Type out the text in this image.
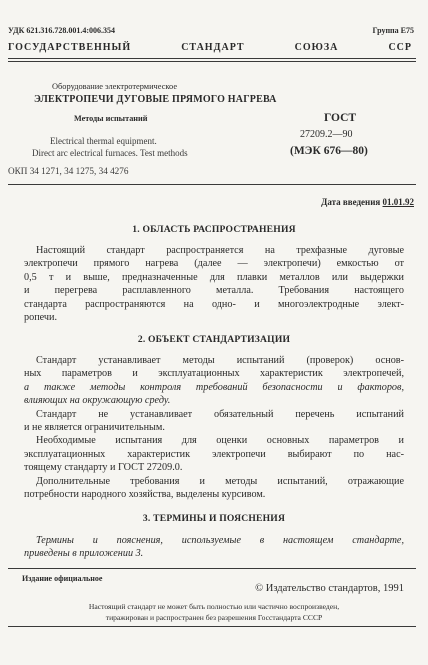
УДК 621.316.728.001.4:006.354	Группа Е75
ГОСУДАРСТВЕННЫЙ СТАНДАРТ СОЮЗА ССР
Оборудование электротермическое
ЭЛЕКТРОПЕЧИ ДУГОВЫЕ ПРЯМОГО НАГРЕВА
Методы испытаний
Electrical thermal equipment.
Direct arc electrical furnaces. Test methods
ГОСТ
27209.2—90
(МЭК 676—80)
ОКП 34 1271, 34 1275, 34 4276
Дата введения 01.01.92
1. ОБЛАСТЬ РАСПРОСТРАНЕНИЯ
Настоящий стандарт распространяется на трехфазные дуговые
электропечи прямого нагрева (далее — электропечи) емкостью от
0,5 т и выше, предназначенные для плавки металлов или выдержки
и перегрева расплавленного металла. Требования настоящего
стандарта распространяются на одно- и многоэлектродные элект-
ропечи.
2. ОБЪЕКТ СТАНДАРТИЗАЦИИ
Стандарт устанавливает методы испытаний (проверок) основ-
ных параметров и эксплуатационных характеристик электропечей,
а также методы контроля требований безопасности и факторов,
влияющих на окружающую среду.
Стандарт не устанавливает обязательный перечень испытаний
и не является ограничительным.
Необходимые испытания для оценки основных параметров и
эксплуатационных характеристик электропечи выбирают по нас-
тоящему стандарту и ГОСТ 27209.0.
Дополнительные требования и методы испытаний, отражающие
потребности народного хозяйства, выделены курсивом.
3. ТЕРМИНЫ И ПОЯСНЕНИЯ
Термины и пояснения, используемые в настоящем стандарте,
приведены в приложении 3.
Издание официальное
© Издательство стандартов, 1991
Настоящий стандарт не может быть полностью или частично воспроизведен,
тиражирован и распространен без разрешения Госстандарта СССР
